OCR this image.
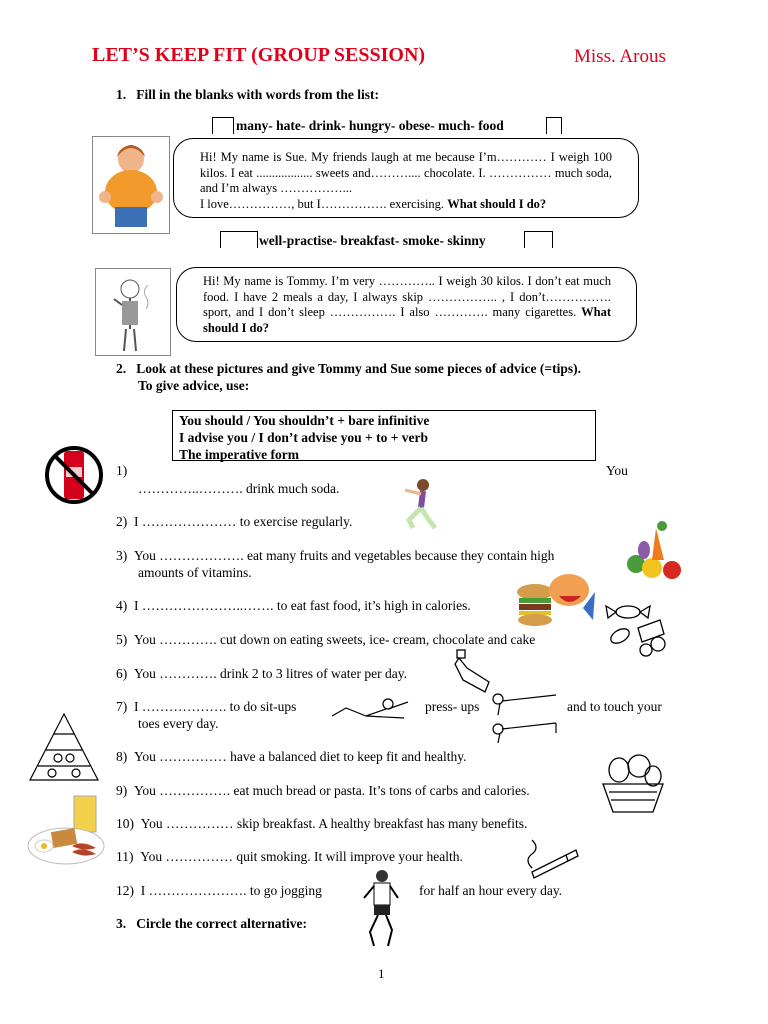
LET’S KEEP FIT (GROUP SESSION)	Miss. Arous
1.   Fill in the blanks with words from the list:
many- hate- drink- hungry- obese- much- food
Hi! My name is Sue. My friends laugh at me because I’m………… I weigh 100 kilos. I eat .................. sweets and……….... chocolate. I. …………… much soda, and I’m always ……………...
I love……………, but I……………. exercising. What should I do?
well-practise- breakfast- smoke- skinny
Hi! My name is Tommy. I’m very ………….. I weigh 30 kilos. I don’t eat much food. I have 2 meals a day, I always skip …………….. , I don’t……………. sport, and I don’t sleep ……………. I also …………. many cigarettes. What should I do?
2.   Look at these pictures and give Tommy and Sue some pieces of advice (=tips).
To give advice, use:
You should / You shouldn’t + bare infinitive
I advise you / I don’t advise you + to + verb
The imperative form
1)	You
…………..………. drink much soda.
2)  I ………………… to exercise regularly.
3)  You ………………. eat many fruits and vegetables because they contain high
amounts of vitamins.
4)  I …………………..……. to eat fast food, it’s high in calories.
5)  You …………. cut down on eating sweets, ice- cream, chocolate and cake
6)  You …………. drink 2 to 3 litres of water per day.
7)  I ………………. to do sit-ups	press- ups	and to touch your
toes every day.
8)  You …………… have a balanced diet to keep fit and healthy.
9)  You ……………. eat much bread or pasta. It’s tons of carbs and calories.
10)  You …………… skip breakfast. A healthy breakfast has many benefits.
11)  You …………… quit smoking. It will improve your health.
12)  I …………………. to go jogging	for half an hour every day.
3.   Circle the correct alternative:
1
